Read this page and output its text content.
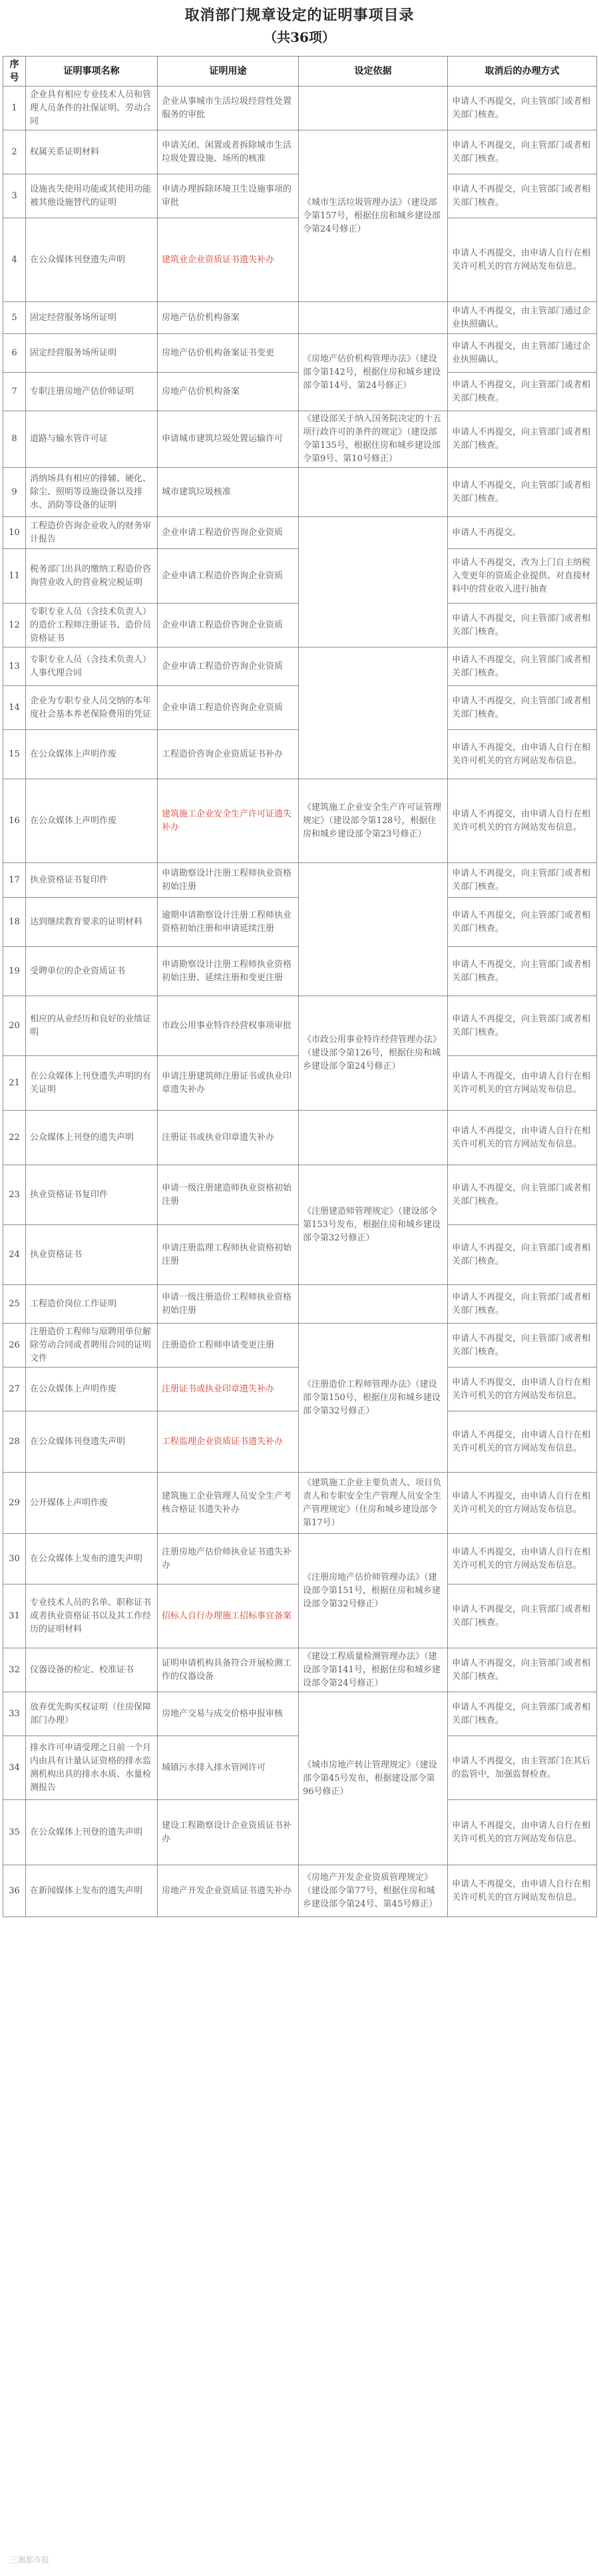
取消部门规章设定的证明事项目录
（共36项）
序号	证明事项名称	证明用途	设定依据	取消后的办理方式
1	企业具有相应专业技术人员和管理人员条件的社保证明、劳动合同	企业从事城市生活垃圾经营性处置服务的审批		申请人不再提交，向主管部门或者相关部门核查。
2	权属关系证明材料	申请关闭、闲置或者拆除城市生活垃圾处置设施、场所的核准	《城市生活垃圾管理办法》（建设部令第157号，根据住房和城乡建设部令第24号修正）	申请人不再提交，向主管部门或者相关部门核查。
3	设施丧失使用功能或其使用功能被其他设施替代的证明	申请办理拆除环境卫生设施事项的审批		申请人不再提交，向主管部门或者相关部门核查。
4	在公众媒体刊登遗失声明	建筑业企业资质证书遗失补办		申请人不再提交，由申请人自行在相关许可机关的官方网站发布信息。
5	固定经营服务场所证明	房地产估价机构备案		申请人不再提交，由主管部门通过企业执照确认。
6	固定经营服务场所证明	房地产估价机构备案证书变更	《房地产估价机构管理办法》（建设部令第142号，根据住房和城乡建设部令第14号、第24号修正）	申请人不再提交，由主管部门通过企业执照确认。
7	专职注册房地产估价师证明	房地产估价机构备案		申请人不再提交，向主管部门或者相关部门核查。
8	道路与输水管许可证	申请城市建筑垃圾处置运输许可	《建设部关于纳入国务院决定的十五项行政许可的条件的规定》（建设部令第135号，根据住房和城乡建设部令第9号、第10号修正）	申请人不再提交，向主管部门或者相关部门核查。
9	消纳场具有相应的排辅、硬化、除尘、照明等设施设备以及排水、消防等设备的证明	城市建筑垃圾核准		申请人不再提交，向主管部门或者相关部门核查。
10	工程造价咨询企业收入的财务审计报告	企业申请工程造价咨询企业资质		申请人不再提交。
11	税务部门出具的缴纳工程造价咨询营业收入的营业税完税证明	企业申请工程造价咨询企业资质		申请人不再提交，改为上门自主纳税入变更年的资质企业提供、对直接材料中的营业收入进行抽查
12	专职专业人员（含技术负责人）的造价工程师注册证书、造价员资格证书	企业申请工程造价咨询企业资质		申请人不再提交，向主管部门或者相关部门核查。
13	专职专业人员（含技术负责人）人事代理合同	企业申请工程造价咨询企业资质		申请人不再提交，向主管部门或者相关部门核查。
14	企业为专职专业人员交纳的本年度社会基本养老保险费用的凭证	企业申请工程造价咨询企业资质		申请人不再提交，向主管部门或者相关部门核查。
15	在公众媒体上声明作废	工程造价咨询企业资质证书补办		申请人不再提交，由申请人自行在相关许可机关的官方网站发布信息。
16	在公众媒体上声明作废	建筑施工企业安全生产许可证遗失补办	《建筑施工企业安全生产许可证管理规定》（建设部令第128号，根据住房和城乡建设部令第23号修正）	申请人不再提交，由申请人自行在相关许可机关的官方网站发布信息。
17	执业资格证书复印件	申请勘察设计注册工程师执业资格初始注册		申请人不再提交，向主管部门或者相关部门核查。
18	达到继续教育要求的证明材料	逾期申请勘察设计注册工程师执业资格初始注册和申请延续注册		申请人不再提交，向主管部门或者相关部门核查。
19	受聘单位的企业资质证书	申请勘察设计注册工程师执业资格初始注册、延续注册和变更注册		申请人不再提交，向主管部门或者相关部门核查。
20	相应的从业经历和良好的业绩证明	市政公用事业特许经营权事项审批	《市政公用事业特许经营管理办法》（建设部令第126号，根据住房和城乡建设部令第24号修正）	申请人不再提交，向主管部门或者相关部门核查。
21	在公众媒体上刊登遗失声明的有关证明	申请注册建筑师注册证书或执业印章遗失补办		申请人不再提交，由申请人自行在相关许可机关的官方网站发布信息。
22	公众媒体上刊登的遗失声明	注册证书或执业印章遗失补办		申请人不再提交，由申请人自行在相关许可机关的官方网站发布信息。
23	执业资格证书复印件	申请一级注册建造师执业资格初始注册	《注册建造师管理规定》（建设部令第153号发布，根据住房和城乡建设部令第32号修正）	申请人不再提交，向主管部门或者相关部门核查。
24	执业资格证书	申请注册监理工程师执业资格初始注册		申请人不再提交，向主管部门或者相关部门核查。
25	工程造价岗位工作证明	申请一级注册造价工程师执业资格初始注册		申请人不再提交，向主管部门或者相关部门核查。
26	注册造价工程师与原聘用单位解除劳动合同或者聘用合同的证明文件	注册造价工程师申请变更注册	《注册造价工程师管理办法》（建设部令第150号，根据住房和城乡建设部令第32号修正）	申请人不再提交，向主管部门或者相关部门核查。
27	在公众媒体上声明作废	注册证书或执业印章遗失补办		申请人不再提交，由申请人自行在相关许可机关的官方网站发布信息。
28	在公众媒体刊登遗失声明	工程监理企业资质证书遗失补办		申请人不再提交，由申请人自行在相关许可机关的官方网站发布信息。
29	公开媒体上声明作废	建筑施工企业管理人员安全生产考核合格证书遗失补办	《建筑施工企业主要负责人、项目负责人和专职安全生产管理人员安全生产管理规定》（住房和城乡建设部令第17号）	申请人不再提交，由申请人自行在相关许可机关的官方网站发布信息。
30	在公众媒体上发布的遗失声明	注册房地产估价师执业证书遗失补办	《注册房地产估价师管理办法》（建设部令第151号，根据住房和城乡建设部令第32号修正）	申请人不再提交，由申请人自行在相关许可机关的官方网站发布信息。
31	专业技术人员的名单、职称证书或者执业资格证书以及其工作经历的证明材料	招标人自行办理施工招标事宜备案		申请人不再提交，向主管部门或者相关部门核查。
32	仪器设备的检定、校准证书	证明申请机构具备符合开展检测工作的仪器设备	《建设工程质量检测管理办法》（建设部令第141号，根据住房和城乡建设部令第24号修正）	申请人不再提交，向主管部门或者相关部门核查。
33	放弃优先购买权证明（住房保障部门办理）	房地产交易与成交价格申报审核	《城市房地产转让管理规定》（建设部令第45号发布，根据建设部令第96号修正）	申请人不再提交，向主管部门或者相关部门核查。
34	排水许可申请受理之日前一个月内由具有计量认证资格的排水监测机构出具的排水水质、水量检测报告	城镇污水排入排水管网许可		申请人不再提交，由主管部门在其后的监管中，加强监督检查。
35	在公众媒体上刊登的遗失声明	建设工程勘察设计企业资质证书补办		申请人不再提交，由申请人自行在相关许可机关的官方网站发布信息。
36	在新闻媒体上发布的遗失声明	房地产开发企业资质证书遗失补办	《房地产开发企业资质管理规定》（建设部令第77号，根据住房和城乡建设部令第24号、第45号修正）	申请人不再提交，由申请人自行在相关许可机关的官方网站发布信息。
三湘都市报
